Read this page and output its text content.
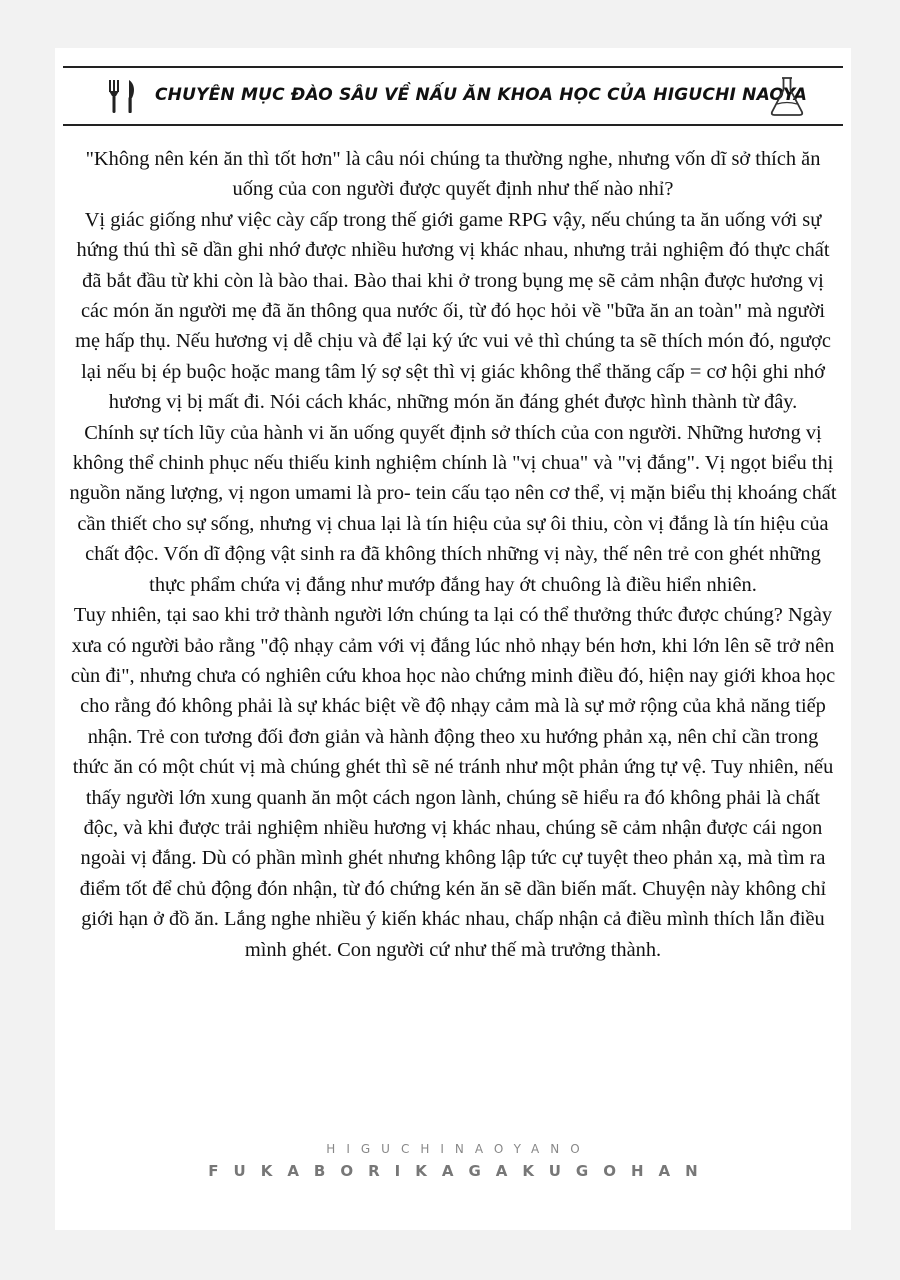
CHUYÊN MỤC ĐÀO SÂU VỀ NẤU ĂN KHOA HỌC CỦA HIGUCHI NAOYA

"Không nên kén ăn thì tốt hơn" là câu nói chúng ta thường nghe, nhưng vốn dĩ sở thích ăn uống của con người được quyết định như thế nào nhỉ?

Vị giác giống như việc cày cấp trong thế giới game RPG vậy, nếu chúng ta ăn uống với sự hứng thú thì sẽ dần ghi nhớ được nhiều hương vị khác nhau, nhưng trải nghiệm đó thực chất đã bắt đầu từ khi còn là bào thai. Bào thai khi ở trong bụng mẹ sẽ cảm nhận được hương vị các món ăn người mẹ đã ăn thông qua nước ối, từ đó học hỏi về "bữa ăn an toàn" mà người mẹ hấp thụ. Nếu hương vị dễ chịu và để lại ký ức vui vẻ thì chúng ta sẽ thích món đó, ngược lại nếu bị ép buộc hoặc mang tâm lý sợ sệt thì vị giác không thể thăng cấp = cơ hội ghi nhớ hương vị bị mất đi. Nói cách khác, những món ăn đáng ghét được hình thành từ đây.

Chính sự tích lũy của hành vi ăn uống quyết định sở thích của con người. Những hương vị không thể chinh phục nếu thiếu kinh nghiệm chính là "vị chua" và "vị đắng". Vị ngọt biểu thị nguồn năng lượng, vị ngon umami là pro- tein cấu tạo nên cơ thể, vị mặn biểu thị khoáng chất cần thiết cho sự sống, nhưng vị chua lại là tín hiệu của sự ôi thiu, còn vị đắng là tín hiệu của chất độc. Vốn dĩ động vật sinh ra đã không thích những vị này, thế nên trẻ con ghét những thực phẩm chứa vị đắng như mướp đắng hay ớt chuông là điều hiển nhiên.

Tuy nhiên, tại sao khi trở thành người lớn chúng ta lại có thể thưởng thức được chúng? Ngày xưa có người bảo rằng "độ nhạy cảm với vị đắng lúc nhỏ nhạy bén hơn, khi lớn lên sẽ trở nên cùn đi", nhưng chưa có nghiên cứu khoa học nào chứng minh điều đó, hiện nay giới khoa học cho rằng đó không phải là sự khác biệt về độ nhạy cảm mà là sự mở rộng của khả năng tiếp nhận. Trẻ con tương đối đơn giản và hành động theo xu hướng phản xạ, nên chỉ cần trong thức ăn có một chút vị mà chúng ghét thì sẽ né tránh như một phản ứng tự vệ. Tuy nhiên, nếu thấy người lớn xung quanh ăn một cách ngon lành, chúng sẽ hiểu ra đó không phải là chất độc, và khi được trải nghiệm nhiều hương vị khác nhau, chúng sẽ cảm nhận được cái ngon ngoài vị đắng. Dù có phần mình ghét nhưng không lập tức cự tuyệt theo phản xạ, mà tìm ra điểm tốt để chủ động đón nhận, từ đó chứng kén ăn sẽ dần biến mất. Chuyện này không chỉ giới hạn ở đồ ăn. Lắng nghe nhiều ý kiến khác nhau, chấp nhận cả điều mình thích lẫn điều mình ghét. Con người cứ như thế mà trưởng thành.

HIGUCHINAOYANO
FUKABORIKAGAKUGOHAN
